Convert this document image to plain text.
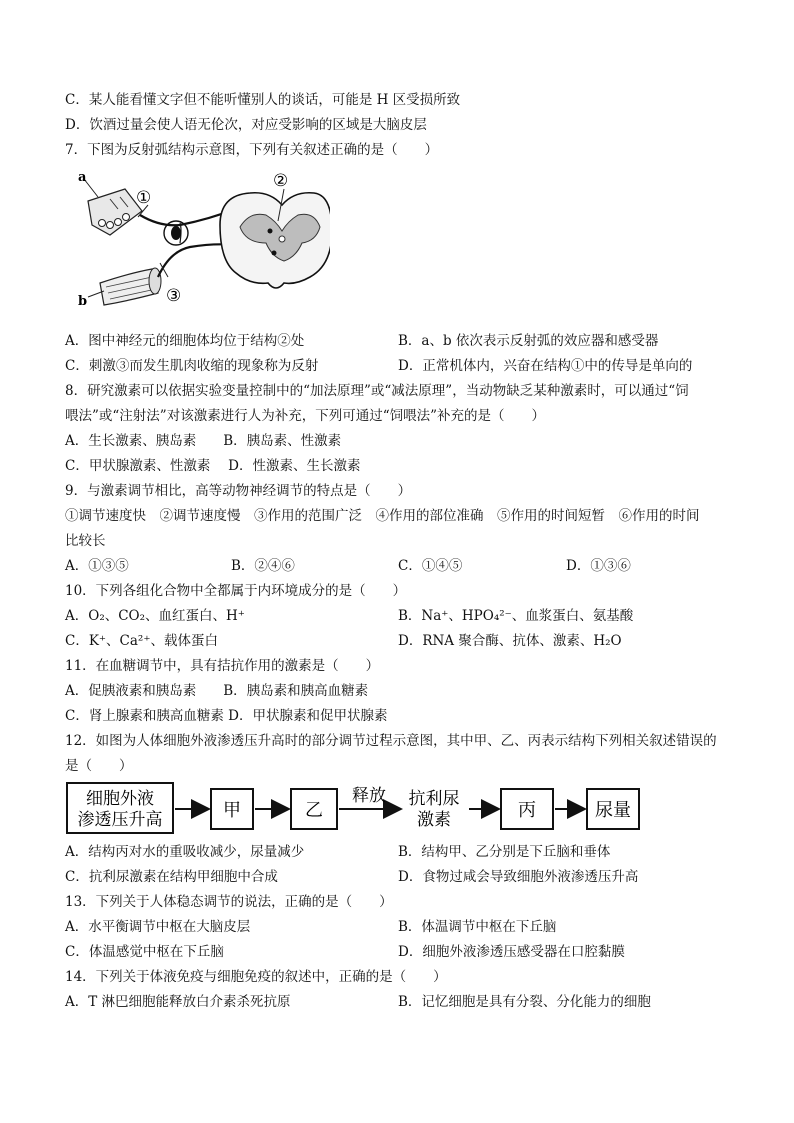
C．某人能看懂文字但不能听懂别人的谈话，可能是 H 区受损所致
D．饮酒过量会使人语无伦次，对应受影响的区域是大脑皮层
7．下图为反射弧结构示意图，下列有关叙述正确的是（　　）
a
b
①
②
③
A．图中神经元的细胞体均位于结构②处	B．a、b 依次表示反射弧的效应器和感受器
C．刺激③而发生肌肉收缩的现象称为反射	D．正常机体内，兴奋在结构①中的传导是单向的
8．研究激素可以依据实验变量控制中的“加法原理”或“减法原理”，当动物缺乏某种激素时，可以通过“饲
喂法”或“注射法”对该激素进行人为补充，下列可通过“饲喂法”补充的是（　　）
A．生长激素、胰岛素　　B．胰岛素、性激素
C．甲状腺激素、性激素　 D．性激素、生长激素
9．与激素调节相比，高等动物神经调节的特点是（　　）
①调节速度快　②调节速度慢　③作用的范围广泛　④作用的部位准确　⑤作用的时间短暂　⑥作用的时间
比较长
A．①③⑤	B．②④⑥	C．①④⑤	D．①③⑥
10．下列各组化合物中全都属于内环境成分的是（　　）
A．O₂、CO₂、血红蛋白、H⁺	B．Na⁺、HPO₄²⁻、血浆蛋白、氨基酸
C．K⁺、Ca²⁺、载体蛋白	D．RNA 聚合酶、抗体、激素、H₂O
11．在血糖调节中，具有拮抗作用的激素是（　　）
A．促胰液素和胰岛素　　B．胰岛素和胰高血糖素
C．肾上腺素和胰高血糖素 D．甲状腺素和促甲状腺素
12．如图为人体细胞外液渗透压升高时的部分调节过程示意图，其中甲、乙、丙表示结构下列相关叙述错误的
是（　　）
细胞外液
渗透压升高	甲	乙
释放 抗利尿
激素	丙	尿量
A．结构丙对水的重吸收减少，尿量减少	B．结构甲、乙分别是下丘脑和垂体
C．抗利尿激素在结构甲细胞中合成	D．食物过咸会导致细胞外液渗透压升高
13．下列关于人体稳态调节的说法，正确的是（　　）
A．水平衡调节中枢在大脑皮层	B．体温调节中枢在下丘脑
C．体温感觉中枢在下丘脑	D．细胞外液渗透压感受器在口腔黏膜
14．下列关于体液免疫与细胞免疫的叙述中，正确的是（　　）
A．T 淋巴细胞能释放白介素杀死抗原	B．记忆细胞是具有分裂、分化能力的细胞
